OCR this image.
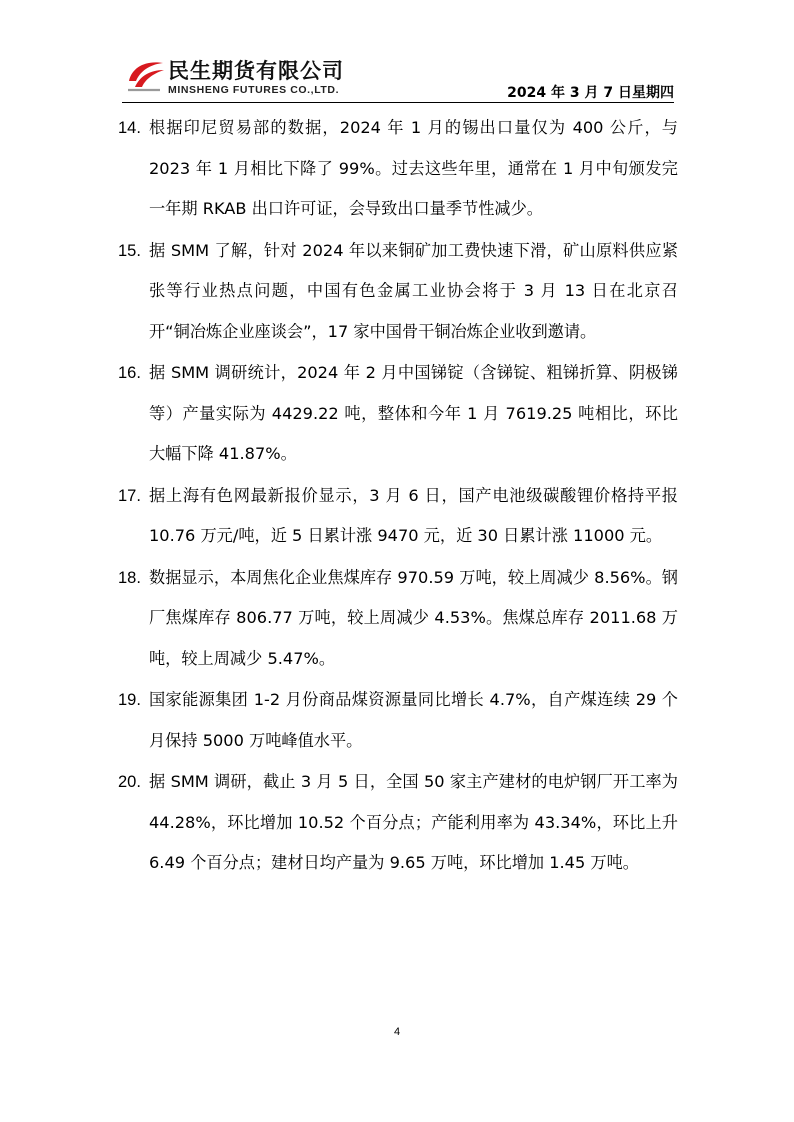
民生期货有限公司
MINSHENG FUTURES CO.,LTD.	2024 年 3 月 7 日星期四
14. 根据印尼贸易部的数据，2024 年 1 月的锡出口量仅为 400 公斤，与 2023 年 1 月相比下降了 99%。过去这些年里，通常在 1 月中旬颁发完一年期 RKAB 出口许可证，会导致出口量季节性减少。
15. 据 SMM 了解，针对 2024 年以来铜矿加工费快速下滑，矿山原料供应紧张等行业热点问题，中国有色金属工业协会将于 3 月 13 日在北京召开“铜冶炼企业座谈会”，17 家中国骨干铜冶炼企业收到邀请。
16. 据 SMM 调研统计，2024 年 2 月中国锑锭（含锑锭、粗锑折算、阴极锑等）产量实际为 4429.22 吨，整体和今年 1 月 7619.25 吨相比，环比大幅下降 41.87%。
17. 据上海有色网最新报价显示，3 月 6 日，国产电池级碳酸锂价格持平报 10.76 万元/吨，近 5 日累计涨 9470 元，近 30 日累计涨 11000 元。
18. 数据显示，本周焦化企业焦煤库存 970.59 万吨，较上周减少 8.56%。钢厂焦煤库存 806.77 万吨，较上周减少 4.53%。焦煤总库存 2011.68 万吨，较上周减少 5.47%。
19. 国家能源集团 1-2 月份商品煤资源量同比增长 4.7%，自产煤连续 29 个月保持 5000 万吨峰值水平。
20. 据 SMM 调研，截止 3 月 5 日，全国 50 家主产建材的电炉钢厂开工率为 44.28%，环比增加 10.52 个百分点；产能利用率为 43.34%，环比上升 6.49 个百分点；建材日均产量为 9.65 万吨，环比增加 1.45 万吨。
4
